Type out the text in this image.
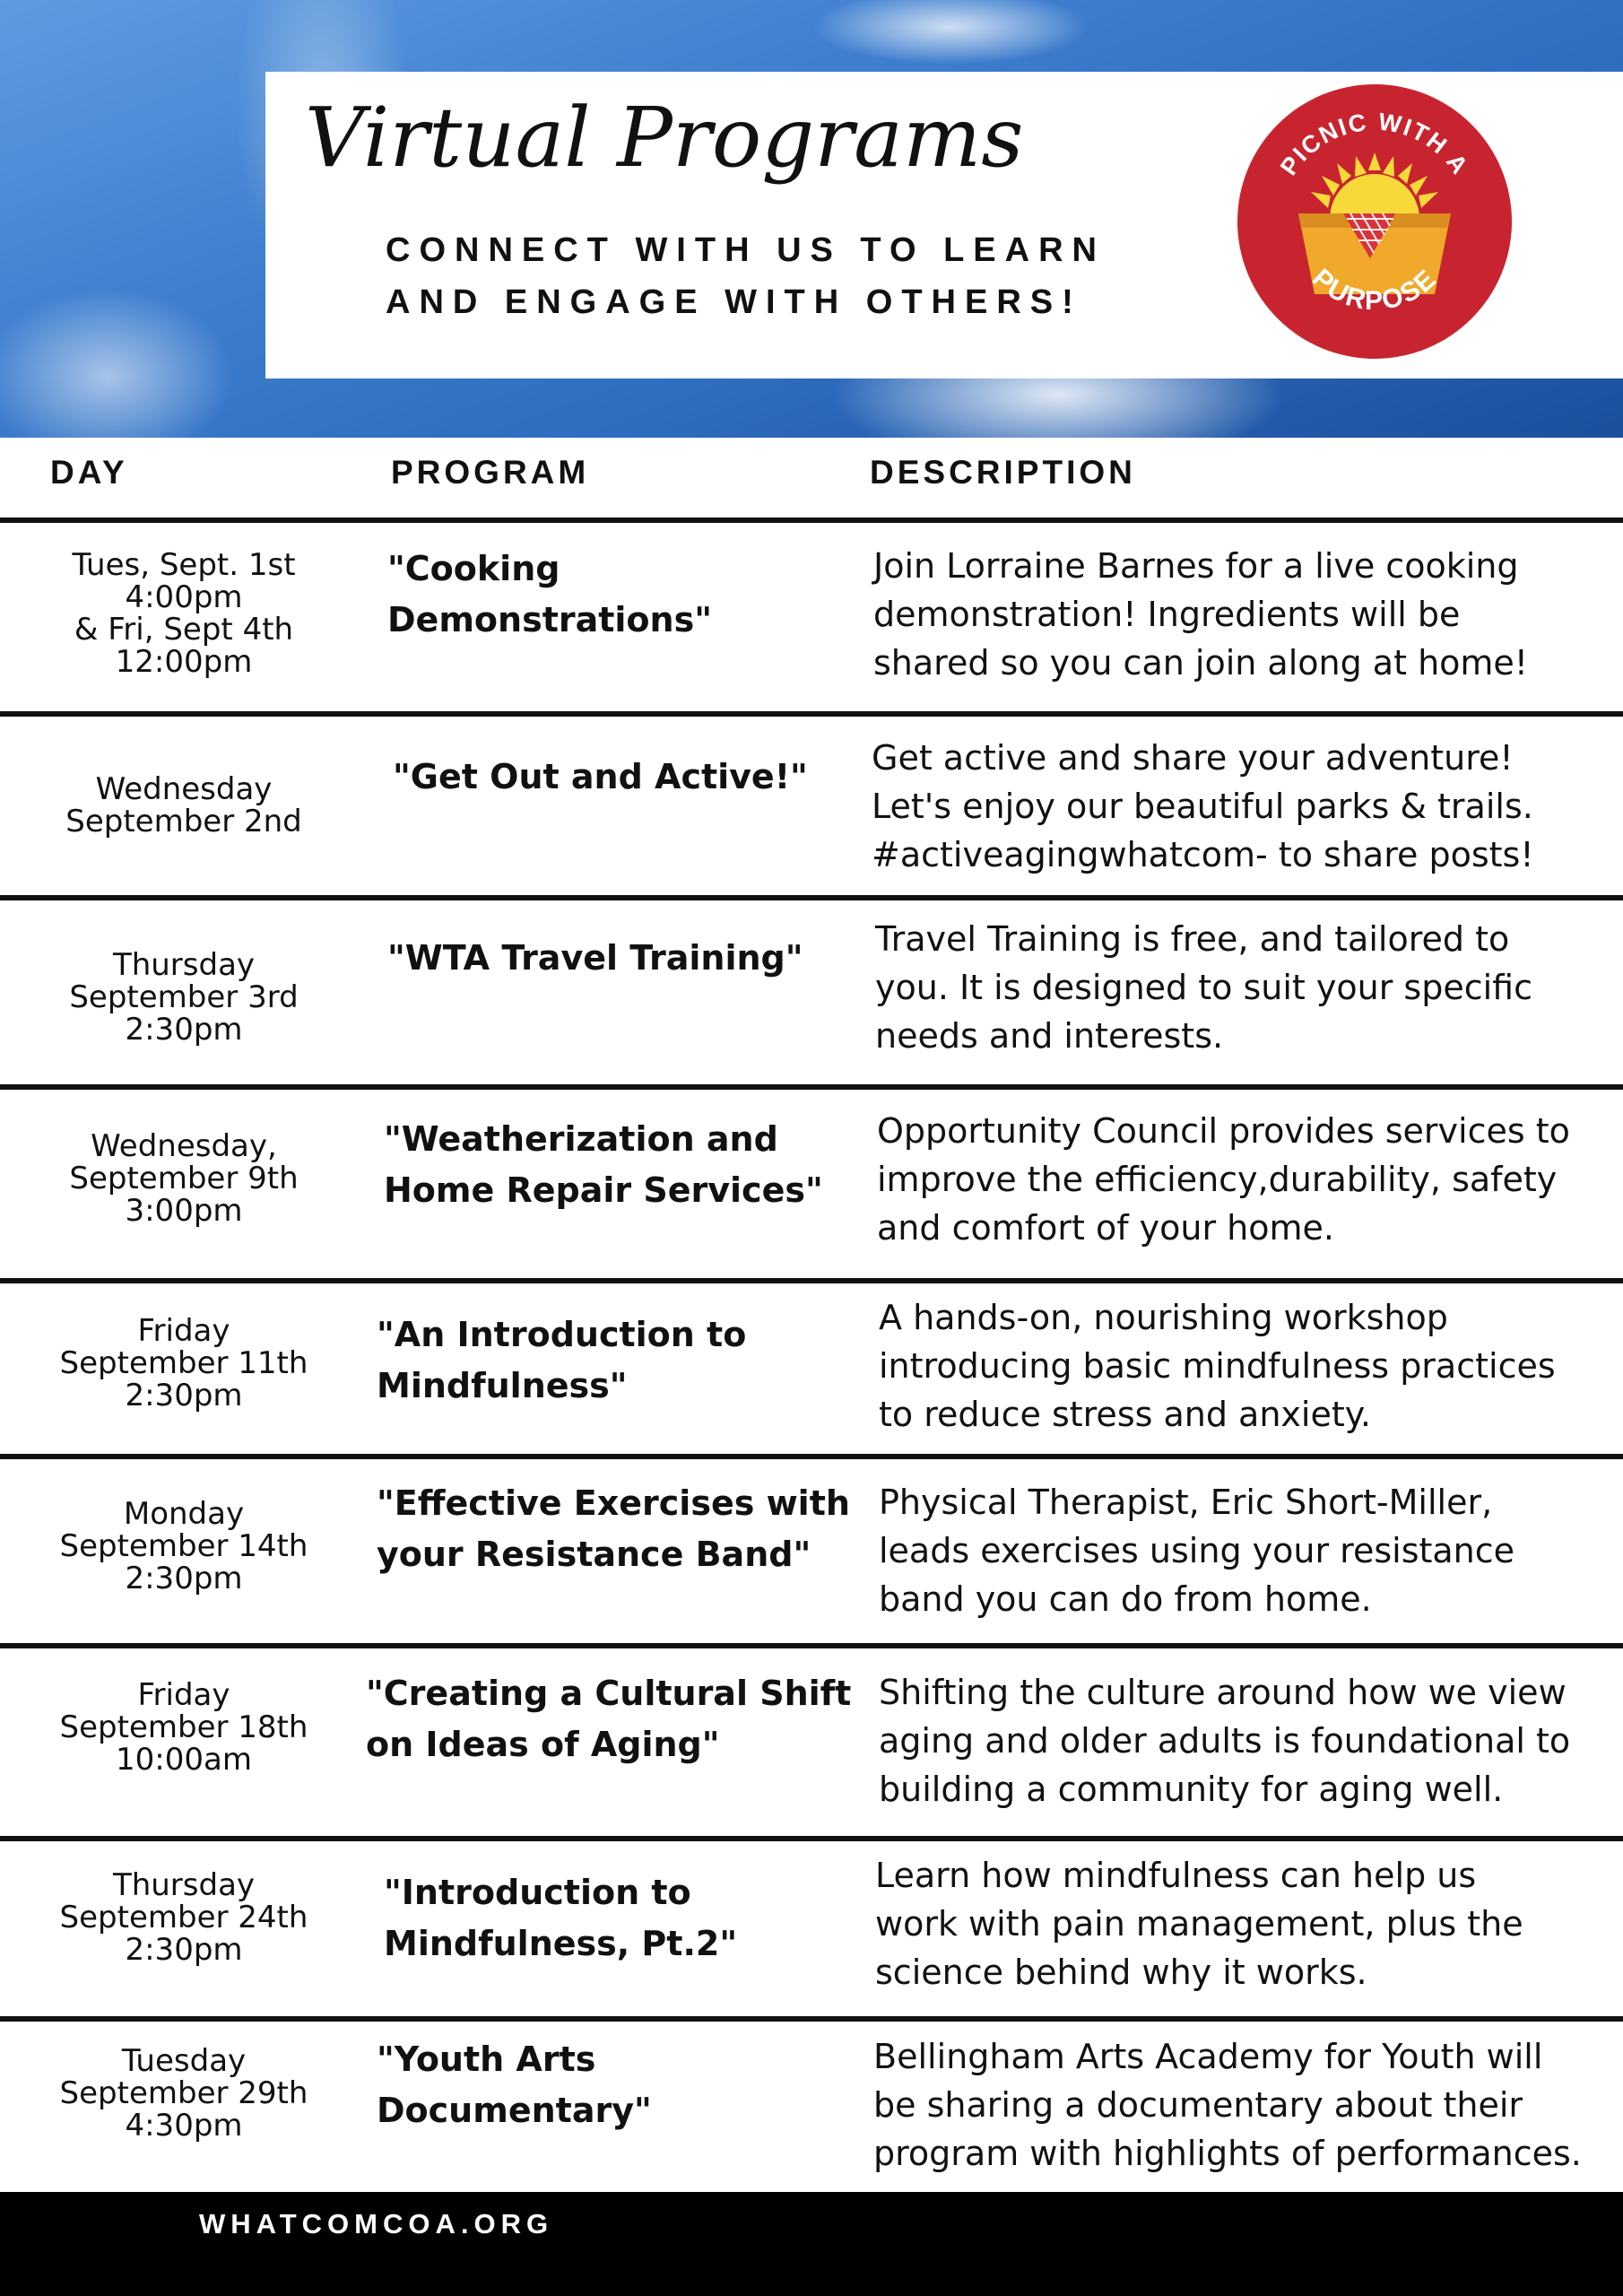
Virtual Programs
CONNECT WITH US TO LEARN
AND ENGAGE WITH OTHERS!
PICNIC WITH A
PURPOSE
DAY	PROGRAM	DESCRIPTION
Tues, Sept. 1st
4:00pm
& Fri, Sept 4th
12:00pm
"Cooking
Demonstrations"
Join Lorraine Barnes for a live cooking
demonstration! Ingredients will be
shared so you can join along at home!
Wednesday
September 2nd
"Get Out and Active!" Get active and share your adventure!
Let's enjoy our beautiful parks & trails.
#activeagingwhatcom- to share posts!
Thursday
September 3rd
2:30pm
"WTA Travel Training" Travel Training is free, and tailored to
you. It is designed to suit your specific
needs and interests.
Wednesday,
September 9th
3:00pm
"Weatherization and
Home Repair Services"
Opportunity Council provides services to
improve the efficiency,durability, safety
and comfort of your home.
Friday
September 11th
2:30pm
"An Introduction to
Mindfulness"
A hands-on, nourishing workshop
introducing basic mindfulness practices
to reduce stress and anxiety.
Monday
September 14th
2:30pm
"Effective Exercises with
your Resistance Band"
Physical Therapist, Eric Short-Miller,
leads exercises using your resistance
band you can do from home.
Friday
September 18th
10:00am
"Creating a Cultural Shift
on Ideas of Aging"
Shifting the culture around how we view
aging and older adults is foundational to
building a community for aging well.
Thursday
September 24th
2:30pm
"Introduction to
Mindfulness, Pt.2"
Learn how mindfulness can help us
work with pain management, plus the
science behind why it works.
Tuesday
September 29th
4:30pm
"Youth Arts
Documentary"
Bellingham Arts Academy for Youth will
be sharing a documentary about their
program with highlights of performances.
WHATCOMCOA.ORG
